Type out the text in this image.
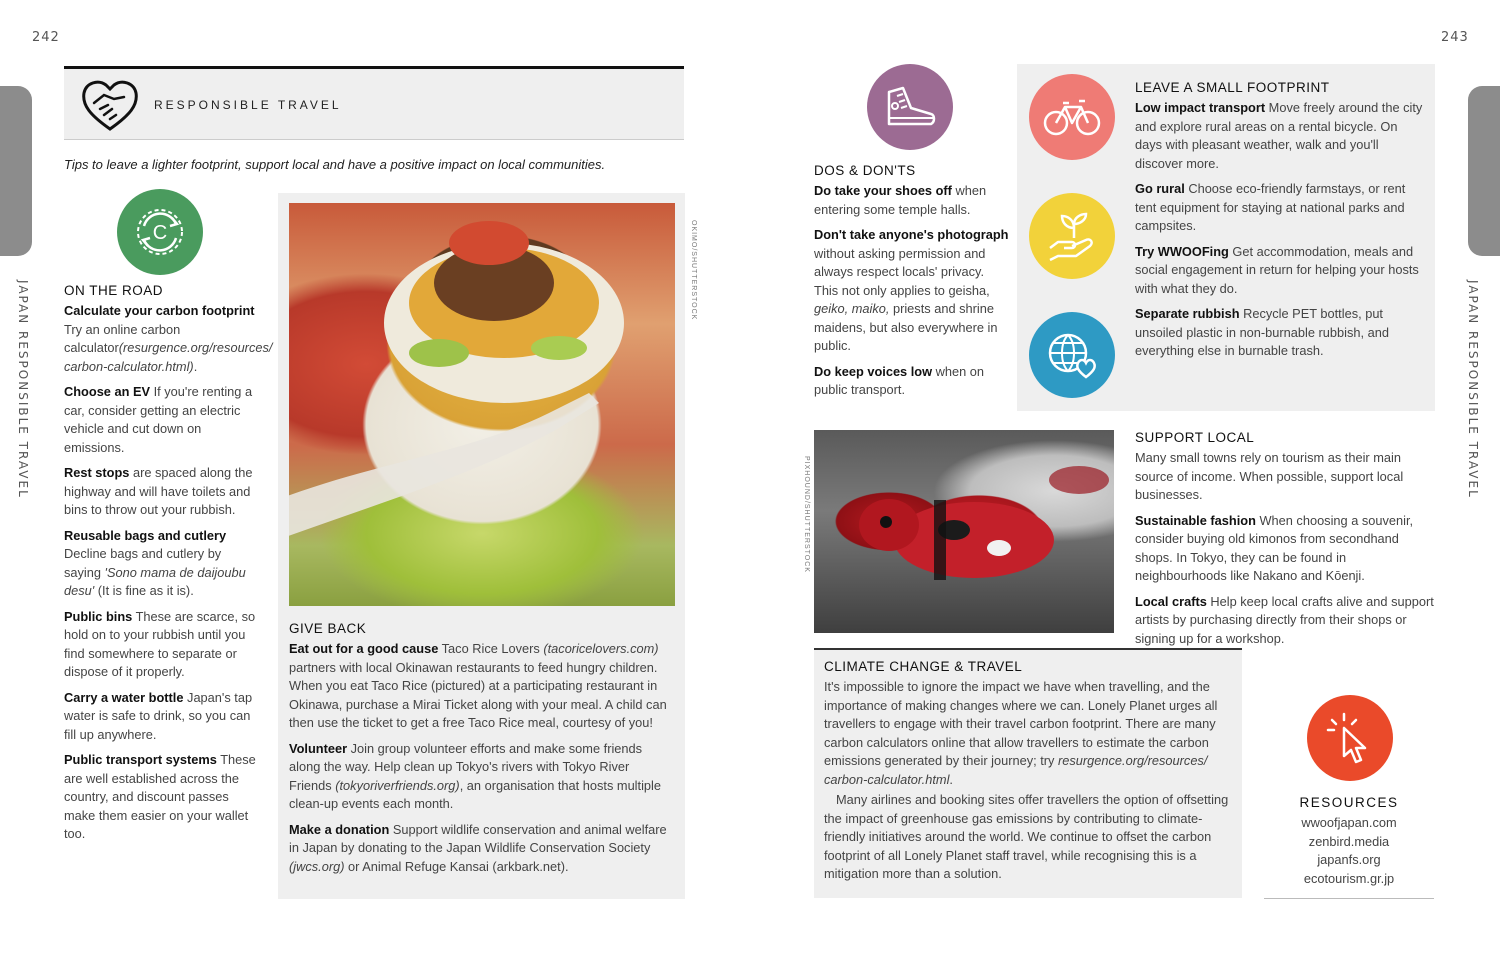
242	243
JAPAN RESPONSIBLE TRAVEL	JAPAN RESPONSIBLE TRAVEL
RESPONSIBLE TRAVEL
Tips to leave a lighter footprint, support local and have a positive impact on local communities.
C
ON THE ROAD

Calculate your carbon footprint Try an online carbon calculator(resurgence.org/resources/ carbon-calculator.html).

Choose an EV If you're renting a car, consider getting an electric vehicle and cut down on emissions.

Rest stops are spaced along the highway and will have toilets and bins to throw out your rubbish.

Reusable bags and cutlery Decline bags and cutlery by saying 'Sono mama de daijoubu desu' (It is fine as it is).

Public bins These are scarce, so hold on to your rubbish until you find somewhere to separate or dispose of it properly.

Carry a water bottle Japan's tap water is safe to drink, so you can fill up anywhere.

Public transport systems These are well established across the country, and discount passes make them easier on your wallet too.

OKIMO/SHUTTERSTOCK
GIVE BACK

Eat out for a good cause Taco Rice Lovers (tacoricelovers.com) partners with local Okinawan restaurants to feed hungry children. When you eat Taco Rice (pictured) at a participating restaurant in Okinawa, purchase a Mirai Ticket along with your meal. A child can then use the ticket to get a free Taco Rice meal, courtesy of you!

Volunteer Join group volunteer efforts and make some friends along the way. Help clean up Tokyo's rivers with Tokyo River Friends (tokyoriverfriends.org), an organisation that hosts multiple clean-up events each month.

Make a donation Support wildlife conservation and animal welfare in Japan by donating to the Japan Wildlife Conservation Society (jwcs.org) or Animal Refuge Kansai (arkbark.net).

DOS & DON'TS

Do take your shoes off when entering some temple halls.

Don't take anyone's photograph without asking permission and always respect locals' privacy. This not only applies to geisha, geiko, maiko, priests and shrine maidens, but also everywhere in public.

Do keep voices low when on public transport.

LEAVE A SMALL FOOTPRINT

Low impact transport Move freely around the city and explore rural areas on a rental bicycle. On days with pleasant weather, walk and you'll discover more.

Go rural Choose eco-friendly farmstays, or rent tent equipment for staying at national parks and campsites.

Try WWOOFing Get accommodation, meals and social engagement in return for helping your hosts with what they do.

Separate rubbish Recycle PET bottles, put unsoiled plastic in non-burnable rubbish, and everything else in burnable trash.

PIXHOUND/SHUTTERSTOCK
SUPPORT LOCAL

Many small towns rely on tourism as their main source of income. When possible, support local businesses.

Sustainable fashion When choosing a souvenir, consider buying old kimonos from secondhand shops. In Tokyo, they can be found in neighbourhoods like Nakano and Kōenji.

Local crafts Help keep local crafts alive and support artists by purchasing directly from their shops or signing up for a workshop.

CLIMATE CHANGE & TRAVEL

It's impossible to ignore the impact we have when travelling, and the importance of making changes where we can. Lonely Planet urges all travellers to engage with their travel carbon footprint. There are many carbon calculators online that allow travellers to estimate the carbon emissions generated by their journey; try resurgence.org/resources/ carbon-calculator.html.

Many airlines and booking sites offer travellers the option of offsetting the impact of greenhouse gas emissions by contributing to climate-friendly initiatives around the world. We continue to offset the carbon footprint of all Lonely Planet staff travel, while recognising this is a mitigation more than a solution.

RESOURCES
wwoofjapan.com
zenbird.media
japanfs.org
ecotourism.gr.jp
